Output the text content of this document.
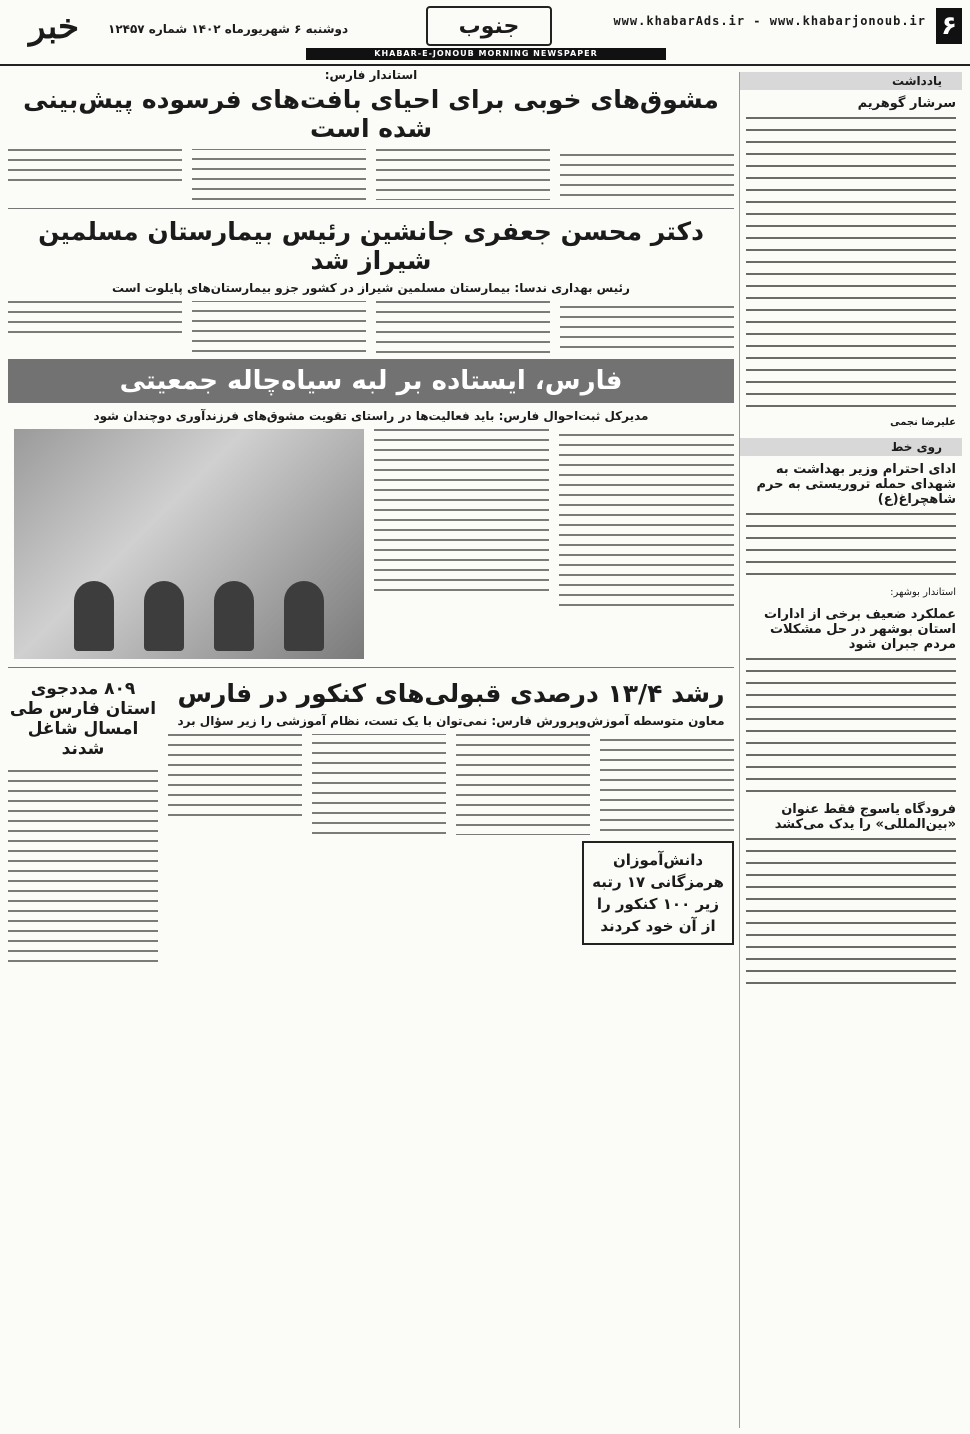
۶
www.khabarAds.ir - www.khabarjonoub.ir
جنوب
خبر	دوشنبه ۶ شهریورماه ۱۴۰۲ شماره ۱۲۴۵۷
KHABAR-E-JONOUB MORNING NEWSPAPER
یادداشت
سرشار گوهریم
علیرضا نجمی
روی خط
ادای احترام وزیر بهداشت به شهدای حمله تروریستی به حرم شاهچراغ(ع)
استاندار بوشهر:
عملکرد ضعیف برخی از ادارات استان بوشهر در حل مشکلات مردم جبران شود
فرودگاه یاسوج فقط عنوان «بین‌المللی» را یدک می‌کشد
استاندار فارس:
مشوق‌های خوبی برای احیای بافت‌های فرسوده پیش‌بینی شده است
دکتر محسن جعفری جانشین رئیس بیمارستان مسلمین شیراز شد
رئیس بهداری ندسا: بیمارستان مسلمین شیراز در کشور جزو بیمارستان‌های پایلوت است
فارس، ایستاده بر لبه سیاه‌چاله جمعیتی
مدیرکل ثبت‌احوال فارس: باید فعالیت‌ها در راستای تقویت مشوق‌های فرزندآوری دوچندان شود
رشد ۱۳/۴ درصدی قبولی‌های کنکور در فارس
معاون متوسطه آموزش‌وپرورش فارس: نمی‌توان با یک تست، نظام آموزشی را زیر سؤال برد
دانش‌آموزان هرمزگانی ۱۷ رتبه زیر ۱۰۰ کنکور را از آن خود کردند
۸۰۹ مددجوی استان فارس طی امسال شاغل شدند
